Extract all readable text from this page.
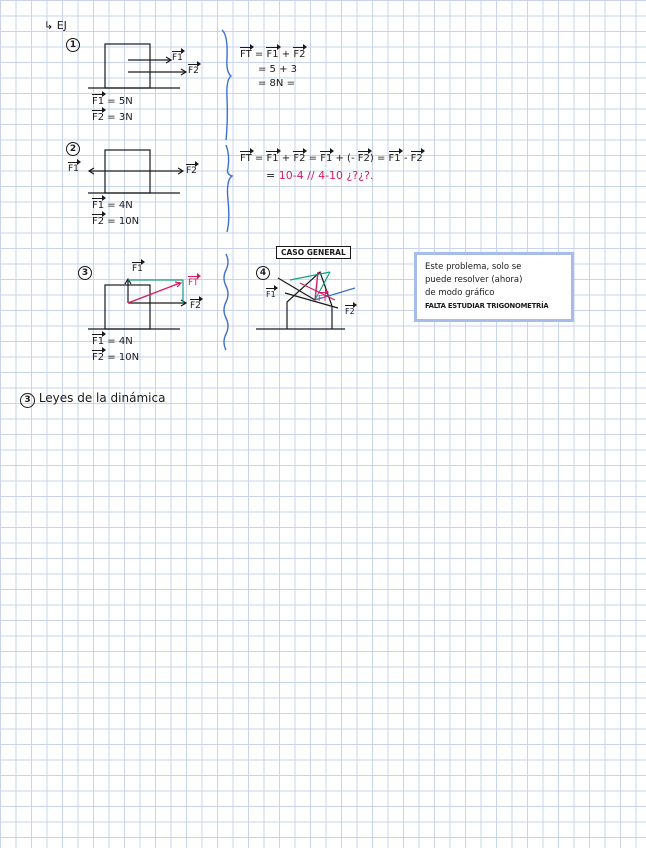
↳ EJ
1
F1
F2
F1 = 5N
F2 = 3N
FT = F1 + F2
= 5 + 3
= 8N =
2
F1	F2
F1 = 4N
F2 = 10N
FT = F1 + F2 = F1 + (- F2) = F1 - F2
= 10-4 // 4-10 ¿?¿?.
3	F1
FT
F2
F1 = 4N
F2 = 10N
CASO GENERAL
4
F1	FT
F2
Este problema, solo se
puede resolver (ahora)
de modo gráfico
FALTA ESTUDIAR TRIGONOMETRÍA
3 Leyes de la dinámica
